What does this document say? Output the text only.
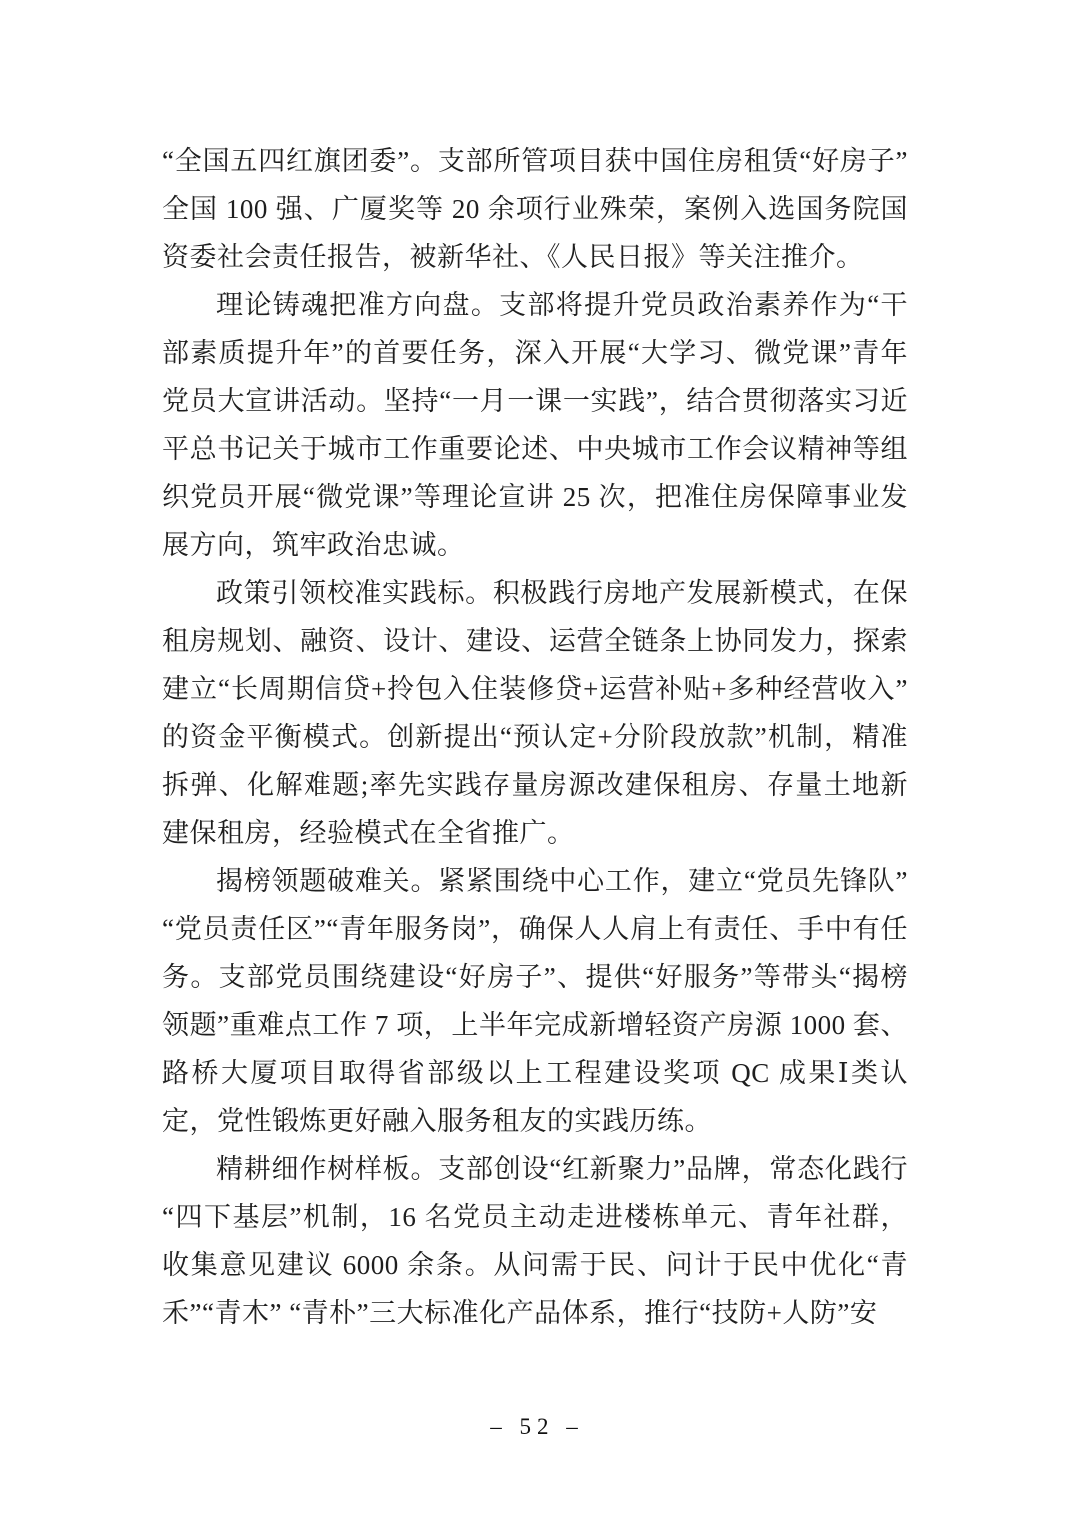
“全国五四红旗团委”。支部所管项目获中国住房租赁“好房子”全国 100 强、广厦奖等 20 余项行业殊荣，案例入选国务院国资委社会责任报告，被新华社、《人民日报》等关注推介。

理论铸魂把准方向盘。支部将提升党员政治素养作为“干部素质提升年”的首要任务，深入开展“大学习、微党课”青年党员大宣讲活动。坚持“一月一课一实践”，结合贯彻落实习近平总书记关于城市工作重要论述、中央城市工作会议精神等组织党员开展“微党课”等理论宣讲 25 次，把准住房保障事业发展方向，筑牢政治忠诚。

政策引领校准实践标。积极践行房地产发展新模式，在保租房规划、融资、设计、建设、运营全链条上协同发力，探索建立“长周期信贷+拎包入住装修贷+运营补贴+多种经营收入”的资金平衡模式。创新提出“预认定+分阶段放款”机制，精准拆弹、化解难题;率先实践存量房源改建保租房、存量土地新建保租房，经验模式在全省推广。

揭榜领题破难关。紧紧围绕中心工作，建立“党员先锋队”“党员责任区”“青年服务岗”，确保人人肩上有责任、手中有任务。支部党员围绕建设“好房子”、提供“好服务”等带头“揭榜领题”重难点工作 7 项，上半年完成新增轻资产房源 1000 套、路桥大厦项目取得省部级以上工程建设奖项 QC 成果Ⅰ类认定，党性锻炼更好融入服务租友的实践历练。

精耕细作树样板。支部创设“红新聚力”品牌，常态化践行“四下基层”机制，16 名党员主动走进楼栋单元、青年社群，收集意见建议 6000 余条。从问需于民、问计于民中优化“青禾”“青木” “青朴”三大标准化产品体系，推行“技防+人防”安

– 52 –
